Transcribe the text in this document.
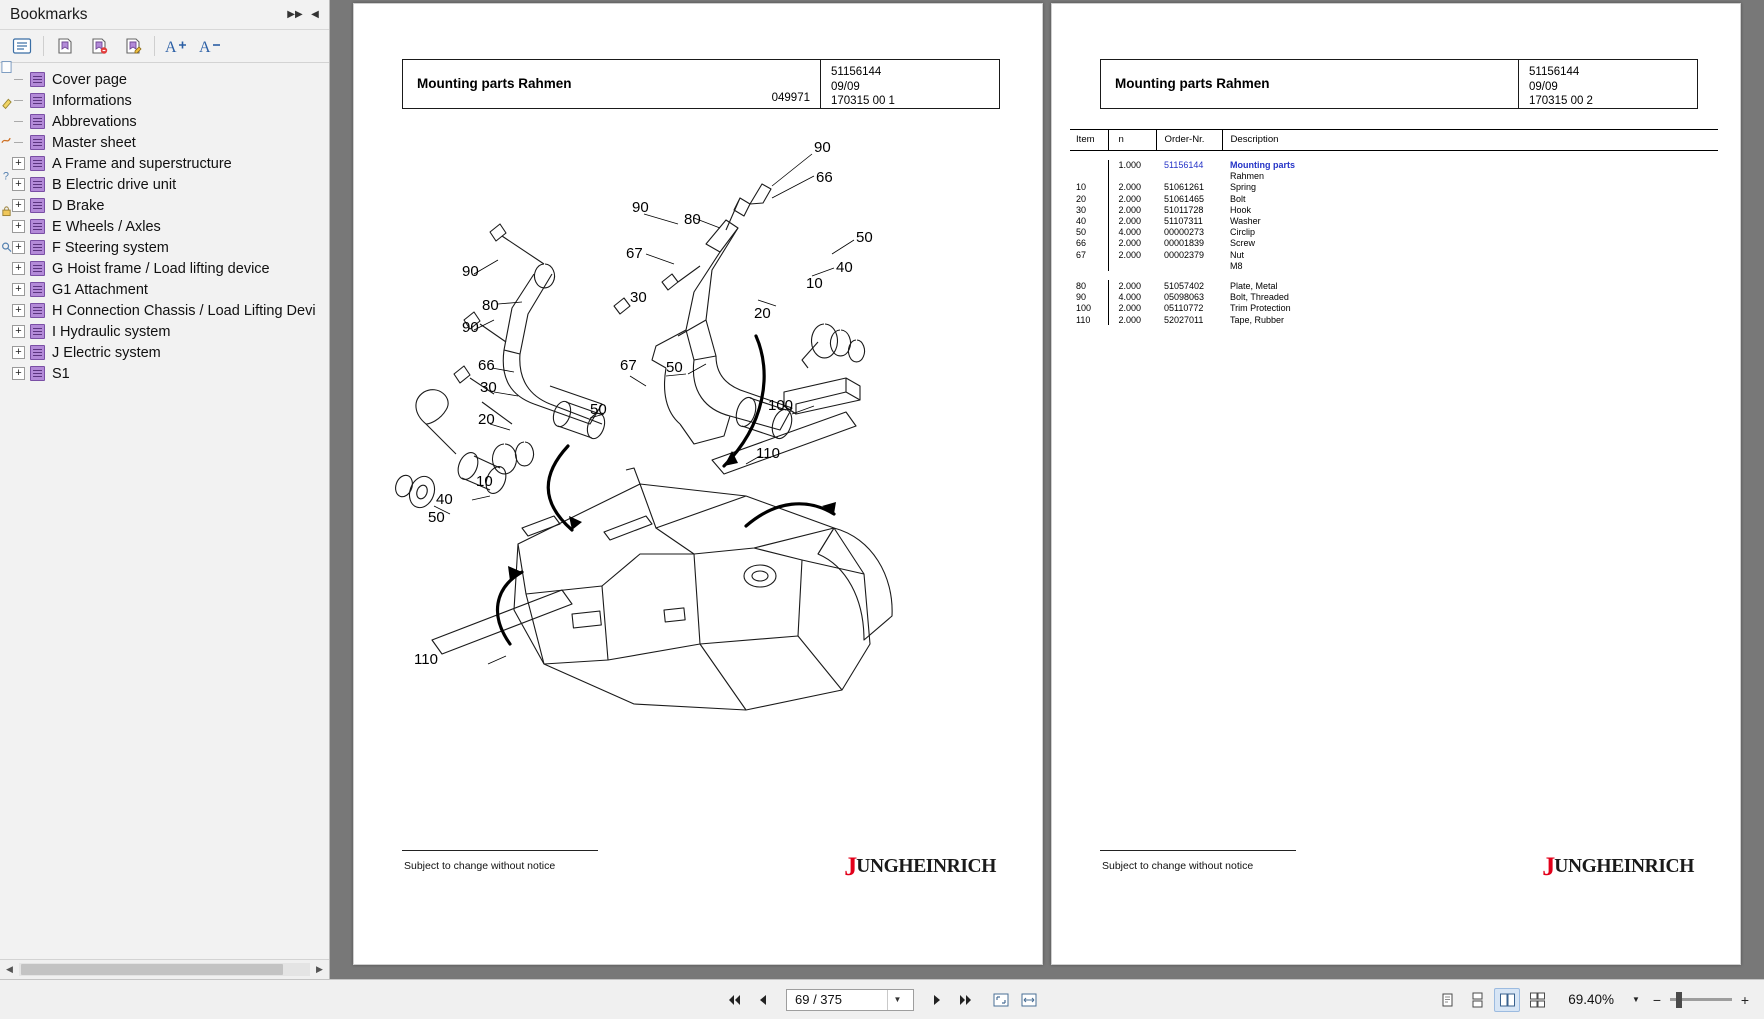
Bookmarks	▶▶ ◀
A A
?
Cover page
Informations
Abbrevations
Master sheet
+ A Frame and superstructure
+ B Electric drive unit
+ D Brake
+ E Wheels / Axles
+ F Steering system
+ G Hoist frame / Load lifting device
+ G1 Attachment
+ H Connection Chassis / Load Lifting Devi
+ I Hydraulic system
+ J Electric system
+ S1
◀	▶
Mounting parts Rahmen
049971
51156144
09/09
170315 00 1
90
66
90
80
67
50
40
90
80
90
10
30
20
66	67 50
30
50
20
100
10
40
50
110
110
Subject to change without notice	J UNGHEINRICH
Mounting parts Rahmen
51156144
09/09
170315 00 2
Item	n	Order-Nr.	Description

	1.000	51156144	Mounting parts
			Rahmen
10	2.000	51061261	Spring
20	2.000	51061465	Bolt
30	2.000	51011728	Hook
40	2.000	51107311	Washer
50	4.000	00000273	Circlip
66	2.000	00001839	Screw
67	2.000	00002379	Nut
			M8

80	2.000	51057402	Plate, Metal
90	4.000	05098063	Bolt, Threaded
100	2.000	05110772	Trim Protection
110	2.000	52027011	Tape, Rubber
Subject to change without notice	J UNGHEINRICH
69 / 375
▼	69.40%	▼ −	+
